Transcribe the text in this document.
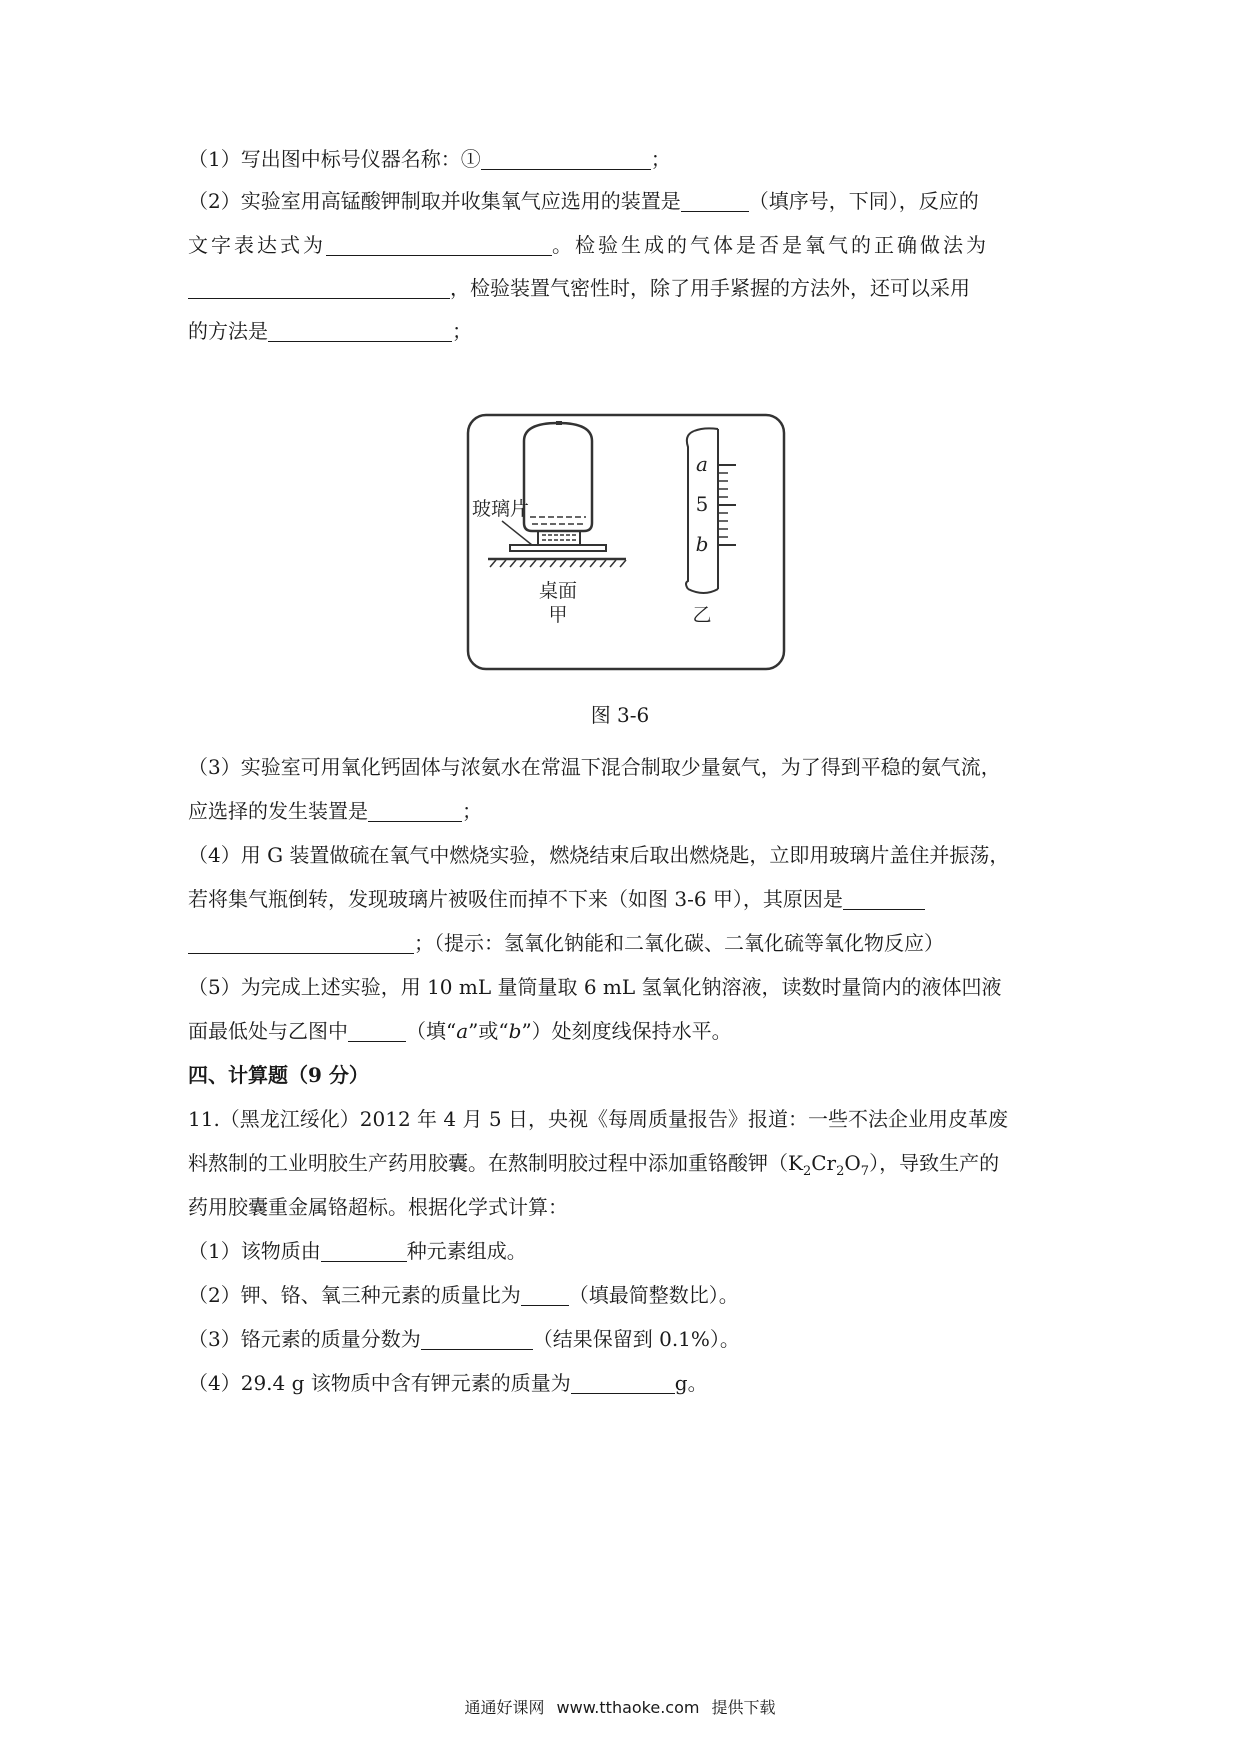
（1）写出图中标号仪器名称：①	；
（2）实验室用高锰酸钾制取并收集氧气应选用的装置是	（填序号，下同），反应的
文字表达式为	。检验生成的气体是否是氧气的正确做法为
，检验装置气密性时，除了用手紧握的方法外，还可以采用
的方法是	；
玻璃片
桌面
甲
a
5
b
乙
图 3-6
（3）实验室可用氧化钙固体与浓氨水在常温下混合制取少量氨气，为了得到平稳的氨气流，
应选择的发生装置是	；
（4）用 G 装置做硫在氧气中燃烧实验，燃烧结束后取出燃烧匙，立即用玻璃片盖住并振荡，
若将集气瓶倒转，发现玻璃片被吸住而掉不下来（如图 3-6 甲），其原因是
；（提示：氢氧化钠能和二氧化碳、二氧化硫等氧化物反应）
（5）为完成上述实验，用 10 mL 量筒量取 6 mL 氢氧化钠溶液，读数时量筒内的液体凹液
面最低处与乙图中	（填“a”或“b”）处刻度线保持水平。
四、计算题（9 分）
11.（黑龙江绥化）2012 年 4 月 5 日，央视《每周质量报告》报道：一些不法企业用皮革废
料熬制的工业明胶生产药用胶囊。在熬制明胶过程中添加重铬酸钾$(K_2Cr_2O_7)$，导致生产的
药用胶囊重金属铬超标。根据化学式计算：
（1）该物质由	种元素组成。
（2）钾、铬、氧三种元素的质量比为 （填最简整数比）。
（3）铬元素的质量分数为	（结果保留到 0.1%）。
（4）29.4 g 该物质中含有钾元素的质量为	g。
通通好课网 www.tthaoke.com 提供下载
